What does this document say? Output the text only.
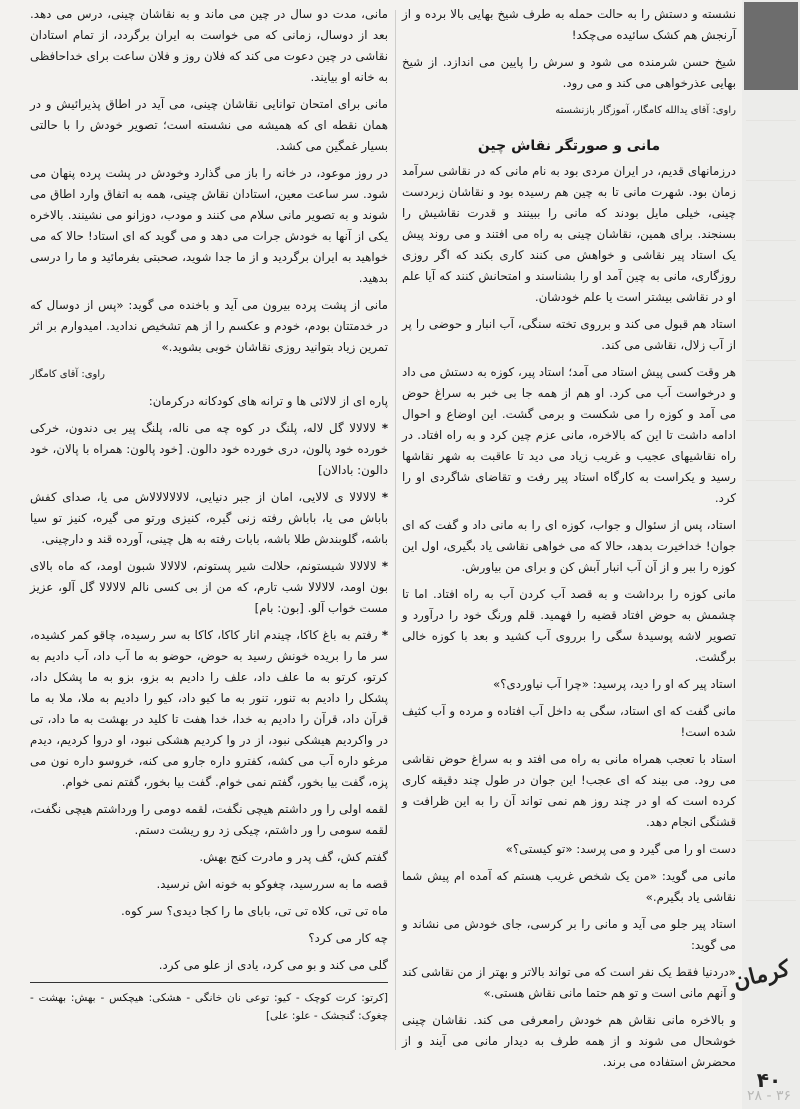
نشسته و دستش را به حالت حمله به طرف شیخ بهایی بالا برده و از آرنجش هم کشک سائیده می‌چکد!

شیخ حسن شرمنده می شود و سرش را پایین می اندازد. از شیخ بهایی عذرخواهی می کند و می رود.

راوی: آقای یدالله کامگار، آموزگار بازنشسته

مانی و صورتگر نقاش چین

درزمانهای قدیم، در ایران مردی بود به نام مانی که در نقاشی سرآمد زمان بود. شهرت مانی تا به چین هم رسیده بود و نقاشان زبردست چینی، خیلی مایل بودند که مانی را ببینند و قدرت نقاشیش را بسنجند. برای همین، نقاشان چینی به راه می افتند و می روند پیش یک استاد پیر نقاشی و خواهش می کنند کاری بکند که اگر روزی روزگاری، مانی به چین آمد او را بشناسند و امتحانش کنند که آیا علم او در نقاشی بیشتر است یا علم خودشان.

استاد هم قبول می کند و برروی تخته سنگی، آب انبار و حوضی را پر از آب زلال، نقاشی می کند.

هر وقت کسی پیش استاد می آمد؛ استاد پیر، کوزه به دستش می داد و درخواست آب می کرد. او هم از همه جا بی خبر به سراغ حوض می آمد و کوزه را می شکست و برمی گشت. این اوضاع و احوال ادامه داشت تا این که بالاخره، مانی عزم چین کرد و به راه افتاد. در راه نقاشیهای عجیب و غریب زیاد می دید تا عاقبت به شهر نقاشها رسید و یکراست به کارگاه استاد پیر رفت و تقاضای شاگردی او را کرد.

استاد، پس از سئوال و جواب، کوزه ای را به مانی داد و گفت که ای جوان! خداخیرت بدهد، حالا که می خواهی نقاشی یاد بگیری، اول این کوزه را ببر و از آن آب انبار آبش کن و برای من بیاورش.

مانی کوزه را برداشت و به قصد آب کردن آب به راه افتاد. اما تا چشمش به حوض افتاد قضیه را فهمید. قلم ورنگ خود را درآورد و تصویر لاشه پوسیده‌ٔ سگی را برروی آب کشید و بعد با کوزه خالی برگشت.

استاد پیر که او را دید، پرسید: «چرا آب نیاوردی؟»

مانی گفت که ای استاد، سگی به داخل آب افتاده و مرده و آب کثیف شده است!

استاد با تعجب همراه مانی به راه می افتد و به سراغ حوض نقاشی می رود. می بیند که ای عجب! این جوان در طول چند دقیقه کاری کرده است که او در چند روز هم نمی تواند آن را به این ظرافت و قشنگی انجام دهد.

دست او را می گیرد و می پرسد: «تو کیستی؟»

مانی می گوید: «من یک شخص غریب هستم که آمده ام پیش شما نقاشی یاد بگیرم.»

استاد پیر جلو می آید و مانی را بر کرسی، جای خودش می نشاند و می گوید:

«دردنیا فقط یک نفر است که می تواند بالاتر و بهتر از من نقاشی کند و آنهم مانی است و تو هم حتما مانی نقاش هستی.»

و بالاخره مانی نقاش هم خودش رامعرفی می کند. نقاشان چینی خوشحال می شوند و از همه طرف به دیدار مانی می آیند و از محضرش استفاده می برند.

مانی، مدت دو سال در چین می ماند و به نقاشان چینی، درس می دهد. بعد از دوسال، زمانی که می خواست به ایران برگردد، از تمام استادان نقاشی در چین دعوت می کند که فلان روز و فلان ساعت برای خداحافظی به خانه او بیایند.

مانی برای امتحان توانایی نقاشان چینی، می آید در اطاق پذیرائیش و در همان نقطه ای که همیشه می نشسته است؛ تصویر خودش را با حالتی بسیار غمگین می کشد.

در روز موعود، در خانه را باز می گذارد وخودش در پشت پرده پنهان می شود. سر ساعت معین، استادان نقاش چینی، همه به اتفاق وارد اطاق می شوند و به تصویر مانی سلام می کنند و مودب، دوزانو می نشینند. بالاخره یکی از آنها به خودش جرات می دهد و می گوید که ای استاد! حالا که می خواهید به ایران برگردید و از ما جدا شوید، صحبتی بفرمائید و ما را درسی بدهید.

مانی از پشت پرده بیرون می آید و باخنده می گوید: «پس از دوسال که در خدمتتان بودم، خودم و عکسم را از هم تشخیص ندادید. امیدوارم بر اثر تمرین زیاد بتوانید روزی نقاشان خوبی بشوید.»

راوی: آقای کامگار

پاره ای از لالائی ها و ترانه های کودکانه درکرمان:

* لالالالا گل لاله، پلنگ در کوه چه می ناله، پلنگ پیر بی دندون، خرکی خورده خود پالون، دری خورده خود دالون. [خود پالون: همراه با پالان، خود دالون: بادالان]

* لالالالا ی لالایی، امان از جبر دنیایی، لالالالالالاش می یا، صدای کفش باباش می یا، باباش رفته زنی گیره، کنیزی ورتو می گیره، کنیز تو سیا باشه، گلوبندش طلا باشه، بابات رفته به هل چینی، آورده قند و دارچینی.

* لالالالا شیستونم، حلالت شیر پستونم، لالالالا شبون اومد، که ماه بالای بون اومد، لالالالا شب تارم، که من از بی کسی نالم لالالالا گل آلو، عزیز مست خواب آلو. [بون: بام]

* رفتم به باغ کاکا، چیندم انار کاکا، کاکا به سر رسیده، چاقو کمر کشیده، سر ما را بریده خونش رسید به حوض، حوضو به ما آب داد، آب دادیم به کرتو، کرتو به ما علف داد، علف را دادیم به بزو، بزو به ما پشکل داد، پشکل را دادیم به تنور، تنور به ما کیو داد، کیو را دادیم به ملا، ملا به ما قرآن داد، قرآن را دادیم به خدا، خدا هفت تا کلید در بهشت به ما داد، تی در واکردیم هیشکی نبود، از در وا کردیم هشکی نبود، او دروا کردیم، دیدم مرغو داره آب می کشه، کفترو داره جارو می کنه، خروسو داره نون می پزه، گفت بیا بخور، گفتم نمی خوام. گفت بیا بخور، گفتم نمی خوام.

لقمه اولی را ور داشتم هیچی نگفت، لقمه دومی را ورداشتم هیچی نگفت، لقمه سومی را ور داشتم، چیکی زد رو ریشت دستم.

گفتم کش، گف پدر و مادرت کنج بهش.

قصه ما به سررسید، چغوکو به خونه اش نرسید.

ماه تی تی، کلاه تی تی، بابای ما را کجا دیدی؟ سر کوه.

چه کار می کرد؟

گلی می کند و بو می کرد، یادی از علو می کرد.

[کرتو: کرت کوچک - کیو: توعی نان خانگی - هشکی: هیچکس - بهش: بهشت - چغوک: گنجشک - علو: علی]

کرمان
۴۰
۳۶ - ۲۸
